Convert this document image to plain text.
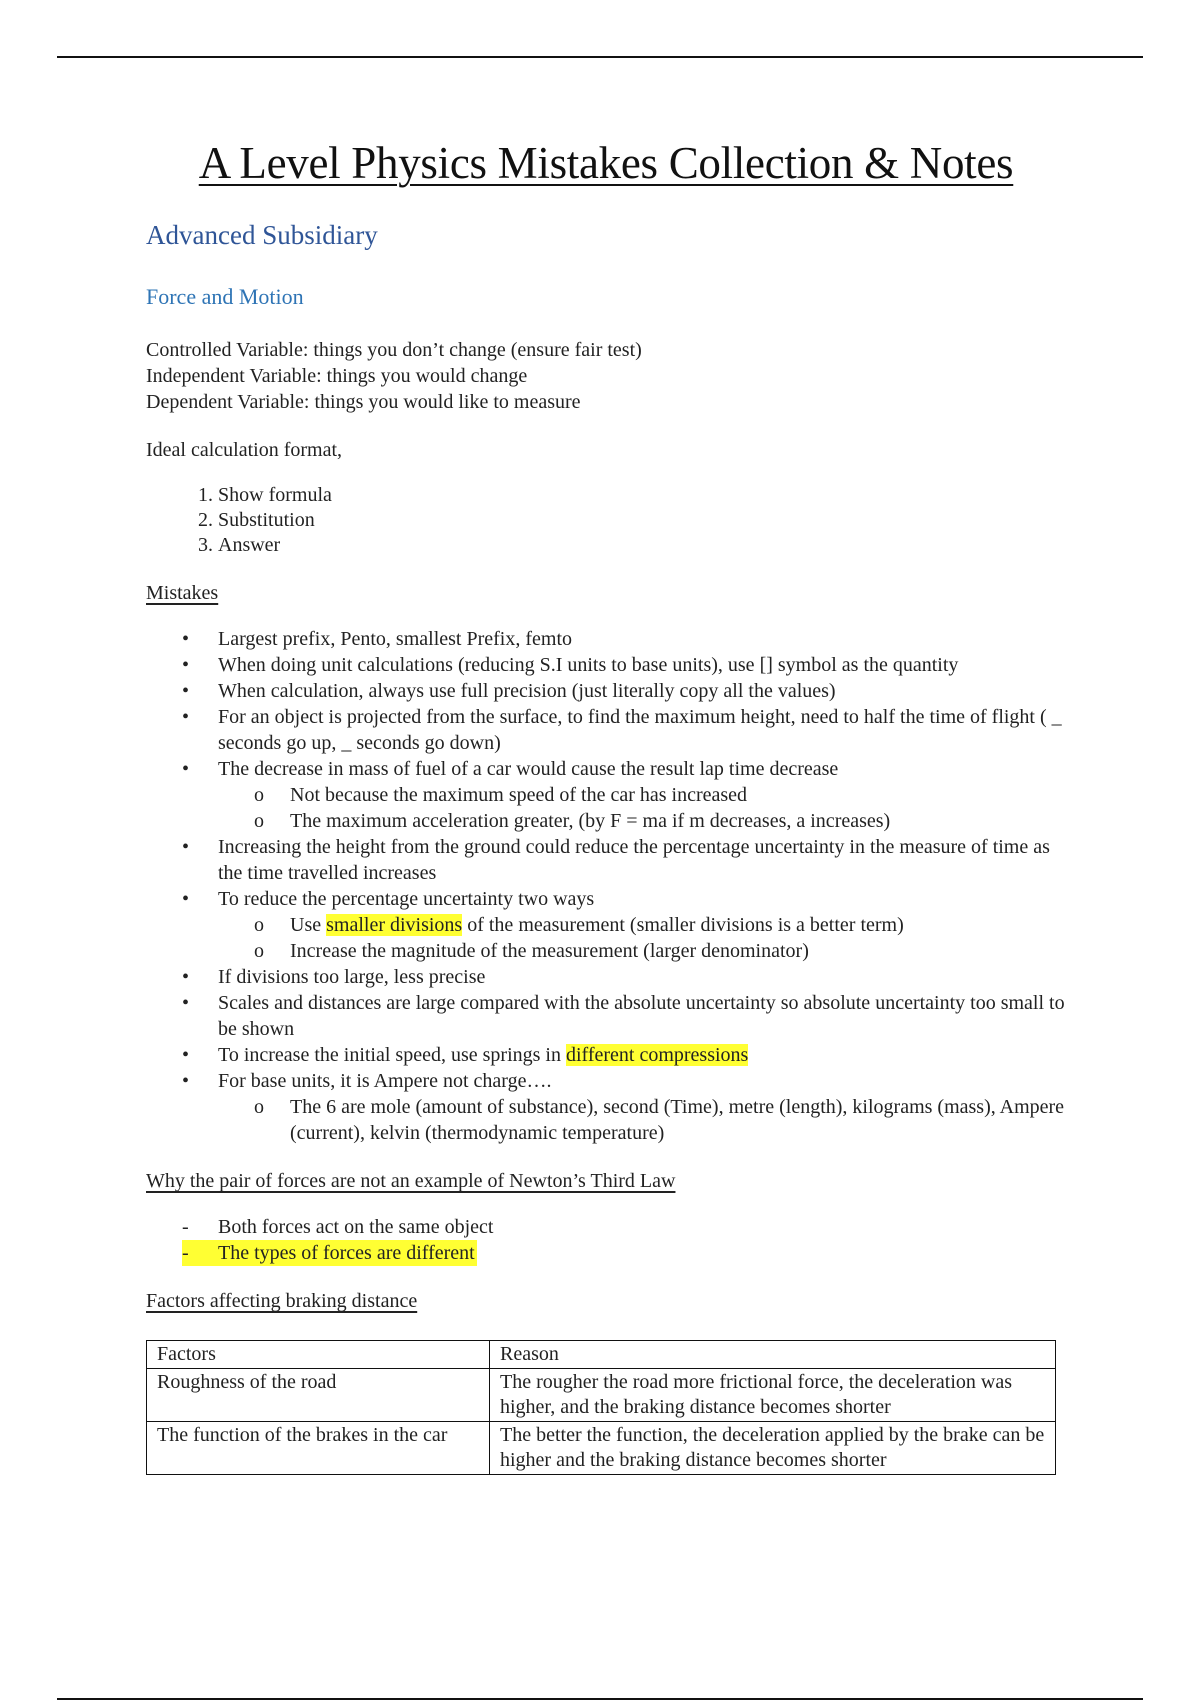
A Level Physics Mistakes Collection & Notes
Advanced Subsidiary
Force and Motion
Controlled Variable: things you don’t change (ensure fair test)
Independent Variable: things you would change
Dependent Variable: things you would like to measure
Ideal calculation format,
1. Show formula
2. Substitution
3. Answer
Mistakes
• Largest prefix, Pento, smallest Prefix, femto
• When doing unit calculations (reducing S.I units to base units), use [] symbol as the quantity
• When calculation, always use full precision (just literally copy all the values)
• For an object is projected from the surface, to find the maximum height, need to half the time of flight ( _ seconds go up, _ seconds go down)
• The decrease in mass of fuel of a car would cause the result lap time decrease
o Not because the maximum speed of the car has increased
o The maximum acceleration greater, (by F = ma if m decreases, a increases)
• Increasing the height from the ground could reduce the percentage uncertainty in the measure of time as the time travelled increases
• To reduce the percentage uncertainty two ways
o Use smaller divisions of the measurement (smaller divisions is a better term)
o Increase the magnitude of the measurement (larger denominator)
• If divisions too large, less precise
• Scales and distances are large compared with the absolute uncertainty so absolute uncertainty too small to be shown
• To increase the initial speed, use springs in different compressions
• For base units, it is Ampere not charge….
o The 6 are mole (amount of substance), second (Time), metre (length), kilograms (mass), Ampere (current), kelvin (thermodynamic temperature)
Why the pair of forces are not an example of Newton’s Third Law
- Both forces act on the same object
- The types of forces are different
Factors affecting braking distance
Factors	Reason
Roughness of the road	The rougher the road more frictional force, the deceleration was higher, and the braking distance becomes shorter
The function of the brakes in the car	The better the function, the deceleration applied by the brake can be higher and the braking distance becomes shorter
